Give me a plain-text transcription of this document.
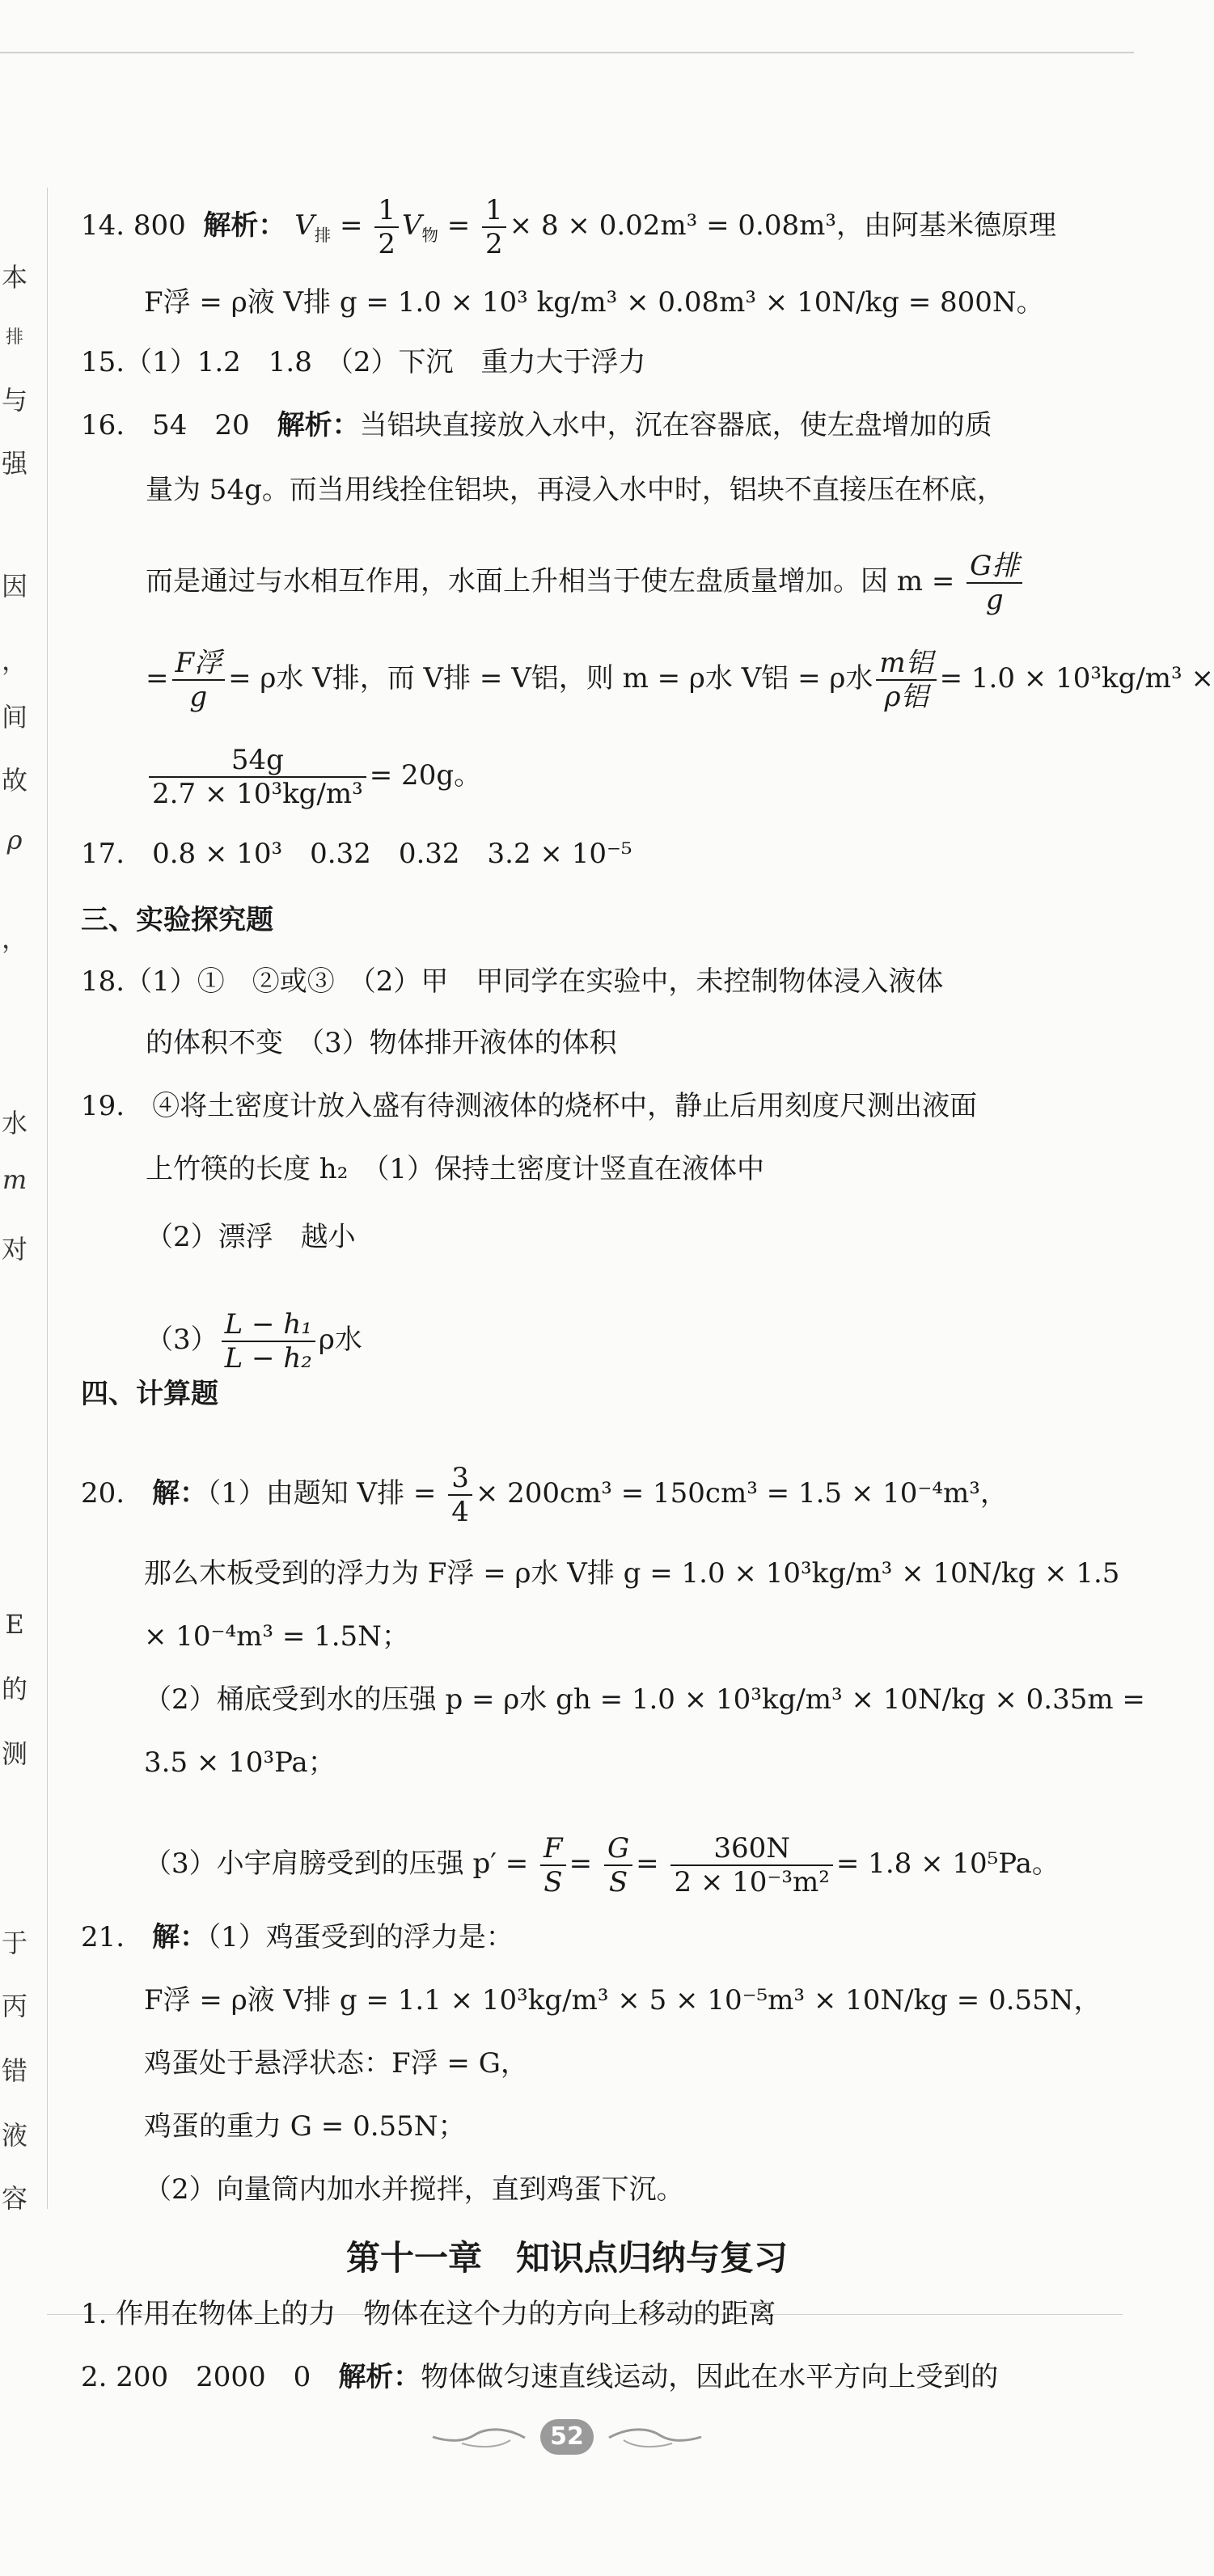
本
排
与
强
因
，
间
故
ρ
，
水
m
对
E
的
测
于
丙
错
液
容
14. 800 解析： $V_排 = \frac{1}{2} V_物 = \frac{1}{2} \times 8 \times 0.02m^3 = 0.08m^3$，由阿基米德原理
F浮 = ρ液 V排 g = 1.0 × 10³ kg/m³ × 0.08m³ × 10N/kg = 800N。
15.（1）1.2　1.8　（2）下沉　重力大于浮力
16.　54　20　解析：当铝块直接放入水中，沉在容器底，使左盘增加的质
量为 54g。而当用线拴住铝块，再浸入水中时，铝块不直接压在杯底，
而是通过与水相互作用，水面上升相当于使左盘质量增加。因 $m = \frac{\text{G排}}{g}$
= $\frac{\text{F浮}}{g} = \rho$水 V排，而 V排 = V铝，则 m = ρ水 V铝 = ρ水 $\frac{\text{m铝}}{\text{ρ铝}} = 1.0 \times 10^3kg/m^3$ ×
$\frac{54g}{\text{2.7 × 10³kg/m³}} = 20g$。
17.　0.8 × 10³　0.32　0.32　3.2 × 10⁻⁵
三、实验探究题
18.（1）①　②或③　（2）甲　甲同学在实验中，未控制物体浸入液体
的体积不变　（3）物体排开液体的体积
19.　④将土密度计放入盛有待测液体的烧杯中，静止后用刻度尺测出液面
上竹筷的长度 h₂　（1）保持土密度计竖直在液体中
（2）漂浮　越小
$(3) \frac{\text{L − h₁}}{\text{L − h₂}}$ ρ水
四、计算题
20.　解：（1）由题知 V排 = $\frac{3}{4} \times 200cm^3 = 150cm^3 = 1.5 \times 10^{-4}m^3$，
那么木板受到的浮力为 F浮 = ρ水 V排 g = 1.0 × 10³kg/m³ × 10N/kg × 1.5
× 10⁻⁴m³ = 1.5N；
（2）桶底受到水的压强 p = ρ水 gh = 1.0 × 10³kg/m³ × 10N/kg × 0.35m =
3.5 × 10³Pa；
（3）小宇肩膀受到的压强 $p' = \frac{F}{S} = \frac{G}{S} = \frac{360N}{\text{2 × 10⁻³m²}} = 1.8 \times 10^5Pa$。
21.　解：（1）鸡蛋受到的浮力是：
F浮 = ρ液 V排 g = 1.1 × 10³kg/m³ × 5 × 10⁻⁵m³ × 10N/kg = 0.55N，
鸡蛋处于悬浮状态：F浮 = G，
鸡蛋的重力 G = 0.55N；
（2）向量筒内加水并搅拌，直到鸡蛋下沉。
第十一章　知识点归纳与复习
1. 作用在物体上的力　物体在这个力的方向上移动的距离
2. 200　2000　0　解析：物体做匀速直线运动，因此在水平方向上受到的
52
